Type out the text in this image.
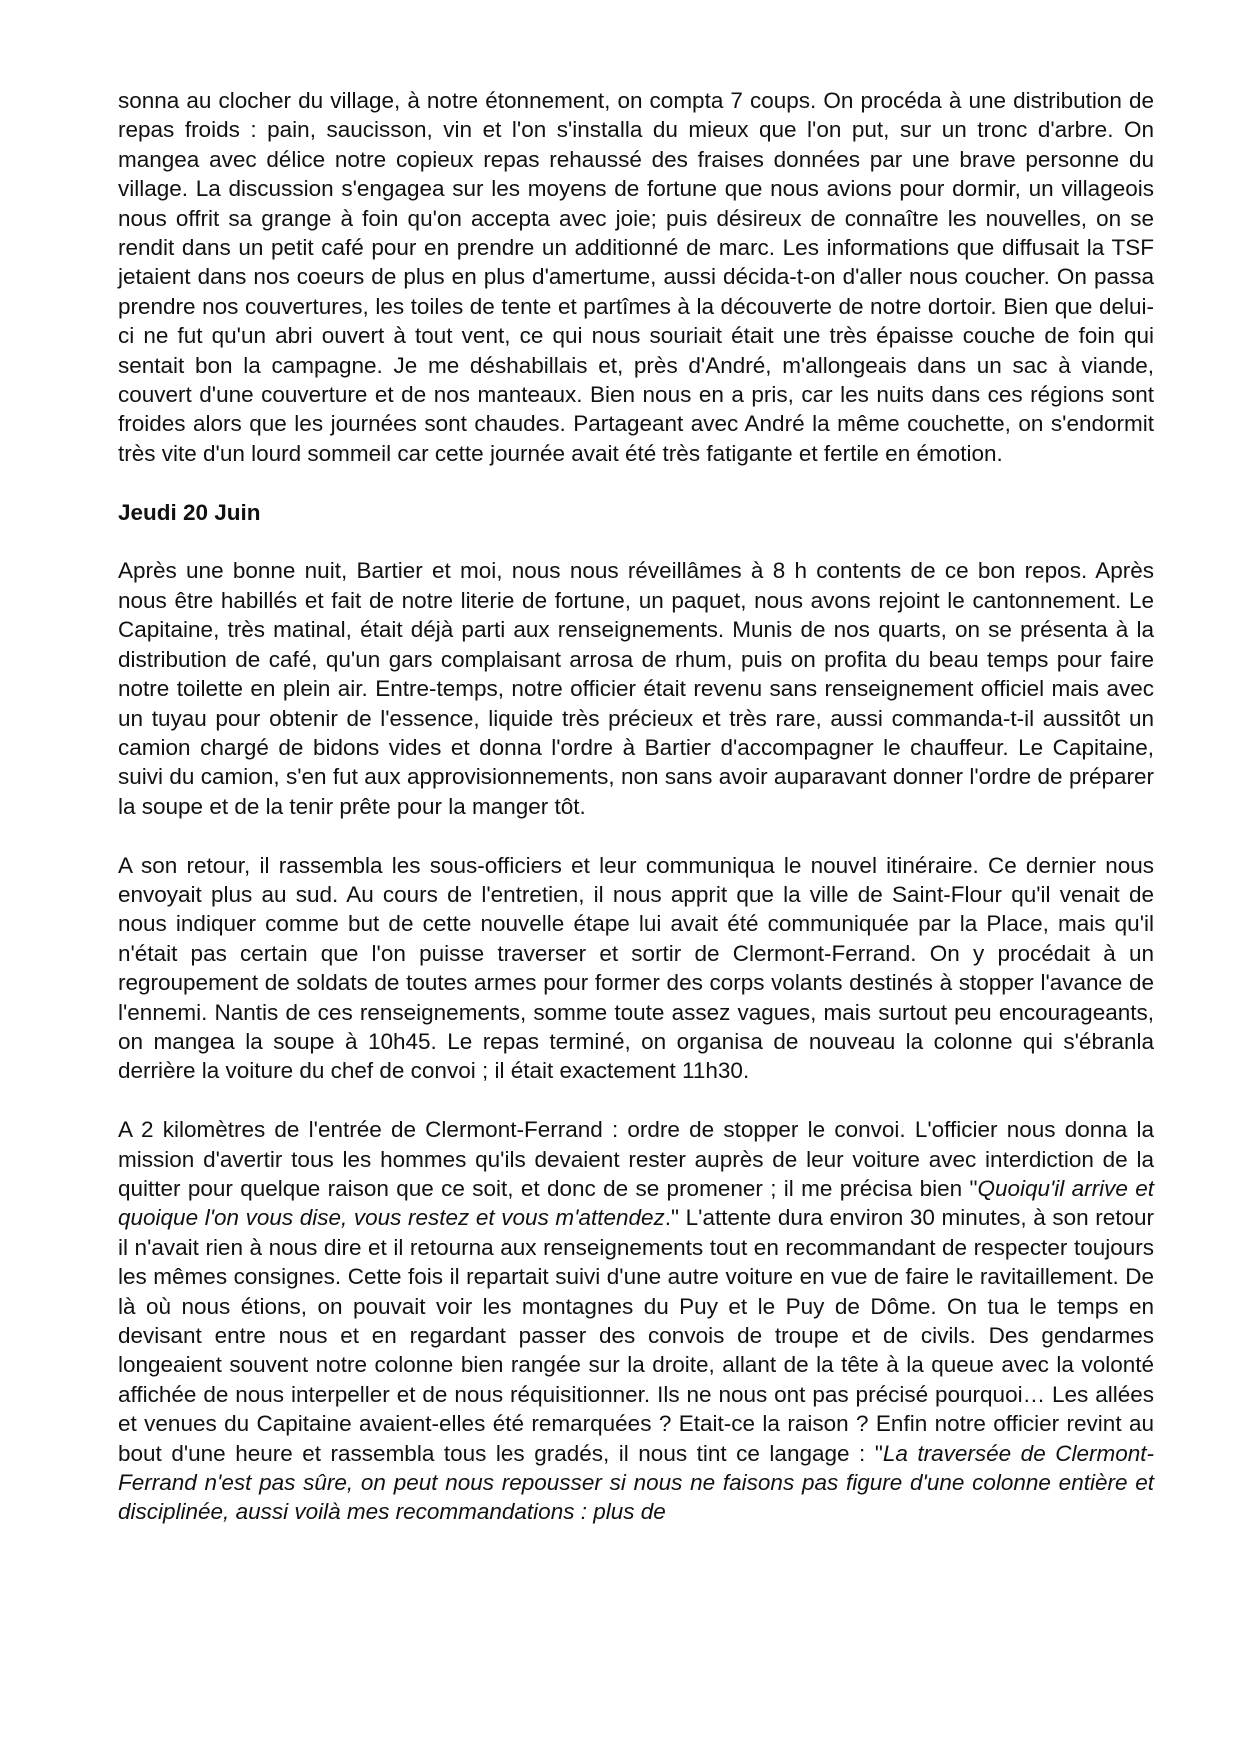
sonna au clocher du village, à notre étonnement, on compta 7 coups. On procéda à une distribution de repas froids : pain, saucisson, vin et l'on s'installa du mieux que l'on put, sur un tronc d'arbre. On mangea avec délice notre copieux repas rehaussé des fraises données par une brave personne du village. La discussion s'engagea sur les moyens de fortune que nous avions pour dormir, un villageois nous offrit sa grange à foin qu'on accepta avec joie; puis désireux de connaître les nouvelles, on se rendit dans un petit café pour en prendre un additionné de marc. Les informations que diffusait la TSF jetaient dans nos coeurs de plus en plus d'amertume, aussi décida-t-on d'aller nous coucher. On passa prendre nos couvertures, les toiles de tente et partîmes à la découverte de notre dortoir. Bien que delui-ci ne fut qu'un abri ouvert à tout vent, ce qui nous souriait était une très épaisse couche de foin qui sentait bon la campagne. Je me déshabillais et, près d'André, m'allongeais dans un sac à viande, couvert d'une couverture et de nos manteaux. Bien nous en a pris, car les nuits dans ces régions sont froides alors que les journées sont chaudes. Partageant avec André la même couchette, on s'endormit très vite d'un lourd sommeil car cette journée avait été très fatigante et fertile en émotion.

Jeudi 20 Juin

Après une bonne nuit, Bartier et moi, nous nous réveillâmes à 8 h contents de ce bon repos. Après nous être habillés et fait de notre literie de fortune, un paquet, nous avons rejoint le cantonnement. Le Capitaine, très matinal, était déjà parti aux renseignements. Munis de nos quarts, on se présenta à la distribution de café, qu'un gars complaisant arrosa de rhum, puis on profita du beau temps pour faire notre toilette en plein air. Entre-temps, notre officier était revenu sans renseignement officiel mais avec un tuyau pour obtenir de l'essence, liquide très précieux et très rare, aussi commanda-t-il aussitôt un camion chargé de bidons vides et donna l'ordre à Bartier d'accompagner le chauffeur. Le Capitaine, suivi du camion, s'en fut aux approvisionnements, non sans avoir auparavant donner l'ordre de préparer la soupe et de la tenir prête pour la manger tôt.

A son retour, il rassembla les sous-officiers et leur communiqua le nouvel itinéraire. Ce dernier nous envoyait plus au sud. Au cours de l'entretien, il nous apprit que la ville de Saint-Flour qu'il venait de nous indiquer comme but de cette nouvelle étape lui avait été communiquée par la Place, mais qu'il n'était pas certain que l'on puisse traverser et sortir de Clermont-Ferrand. On y procédait à un regroupement de soldats de toutes armes pour former des corps volants destinés à stopper l'avance de l'ennemi. Nantis de ces renseignements, somme toute assez vagues, mais surtout peu encourageants, on mangea la soupe à 10h45. Le repas terminé, on organisa de nouveau la colonne qui s'ébranla derrière la voiture du chef de convoi ; il était exactement 11h30.

A 2 kilomètres de l'entrée de Clermont-Ferrand : ordre de stopper le convoi. L'officier nous donna la mission d'avertir tous les hommes qu'ils devaient rester auprès de leur voiture avec interdiction de la quitter pour quelque raison que ce soit, et donc de se promener ; il me précisa bien "Quoiqu'il arrive et quoique l'on vous dise, vous restez et vous m'attendez." L'attente dura environ 30 minutes, à son retour il n'avait rien à nous dire et il retourna aux renseignements tout en recommandant de respecter toujours les mêmes consignes. Cette fois il repartait suivi d'une autre voiture en vue de faire le ravitaillement. De là où nous étions, on pouvait voir les montagnes du Puy et le Puy de Dôme. On tua le temps en devisant entre nous et en regardant passer des convois de troupe et de civils. Des gendarmes longeaient souvent notre colonne bien rangée sur la droite, allant de la tête à la queue avec la volonté affichée de nous interpeller et de nous réquisitionner. Ils ne nous ont pas précisé pourquoi… Les allées et venues du Capitaine avaient-elles été remarquées ? Etait-ce la raison ? Enfin notre officier revint au bout d'une heure et rassembla tous les gradés, il nous tint ce langage : "La traversée de Clermont-Ferrand n'est pas sûre, on peut nous repousser si nous ne faisons pas figure d'une colonne entière et disciplinée, aussi voilà mes recommandations : plus de
